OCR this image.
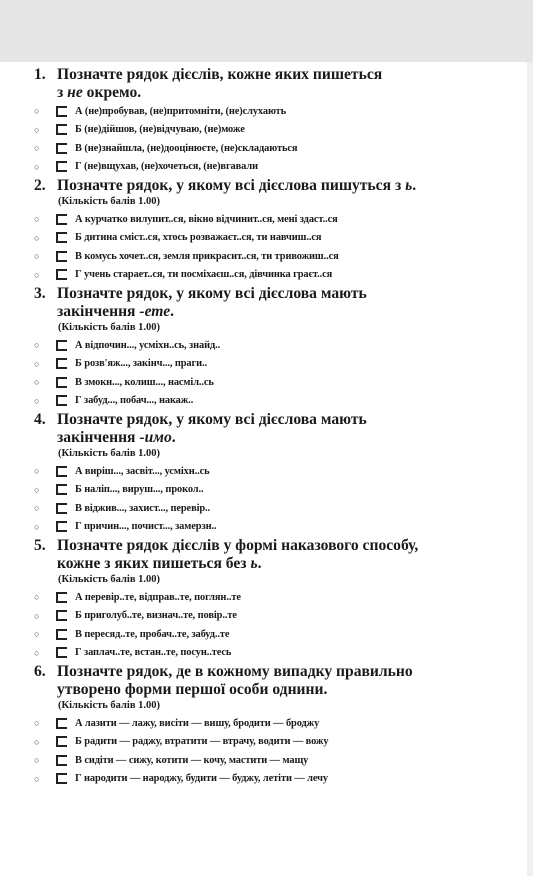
1. Позначте рядок дієслів, кожне яких пишеться
з не окремо.

○	А (не)пробував, (не)притомніти, (не)слухають
○	Б (не)дійшов, (не)відчуваю, (не)може
○	В (не)знайшла, (не)дооцінюєте, (не)складаються
○	Г (не)вщухав, (не)хочеться, (не)вгавали

2. Позначте рядок, у якому всі дієслова пишуться з ь.

(Кількість балів 1.00)

○	А курчатко вилупит..ся, вікно відчинит..ся, мені здаст..ся
○	Б дитина сміст..ся, хтось розважаєт..ся, ти навчиш..ся
○	В комусь хочет..ся, земля прикрасит..ся, ти тривожиш..ся
○	Г учень старает..ся, ти посміхаєш..ся, дівчинка граєт..ся

3. Позначте рядок, у якому всі дієслова мають
закінчення -ете.

(Кількість балів 1.00)

○	А відпочин..., усміхн..сь, знайд..
○	Б розв'яж..., закінч..., праги..
○	В змокн..., колиш..., насміл..сь
○	Г забуд..., побач..., накаж..

4. Позначте рядок, у якому всі дієслова мають
закінчення -имо.

(Кількість балів 1.00)

○	А виріш..., засвіт..., усміхн..сь
○	Б наліп..., вируш..., прокол..
○	В віджив..., захист..., перевір..
○	Г причин..., почист..., замерзн..

5. Позначте рядок дієслів у формі наказового способу,
кожне з яких пишеться без ь.

(Кількість балів 1.00)

○	А перевір..те, відправ..те, поглян..те
○	Б приголуб..те, визнач..те, повір..те
○	В пересяд..те, пробач..те, забуд..те
○	Г заплач..те, встан..те, посун..тесь

6. Позначте рядок, де в кожному випадку правильно
утворено форми першої особи однини.

(Кількість балів 1.00)

○	А лазити — лажу, висіти — вишу, бродити — броджу
○	Б радити — раджу, втратити — втрачу, водити — вожу
○	В сидіти — сижу, котити — кочу, мастити — мащу
○	Г народити — народжу, будити — буджу, летіти — лечу
